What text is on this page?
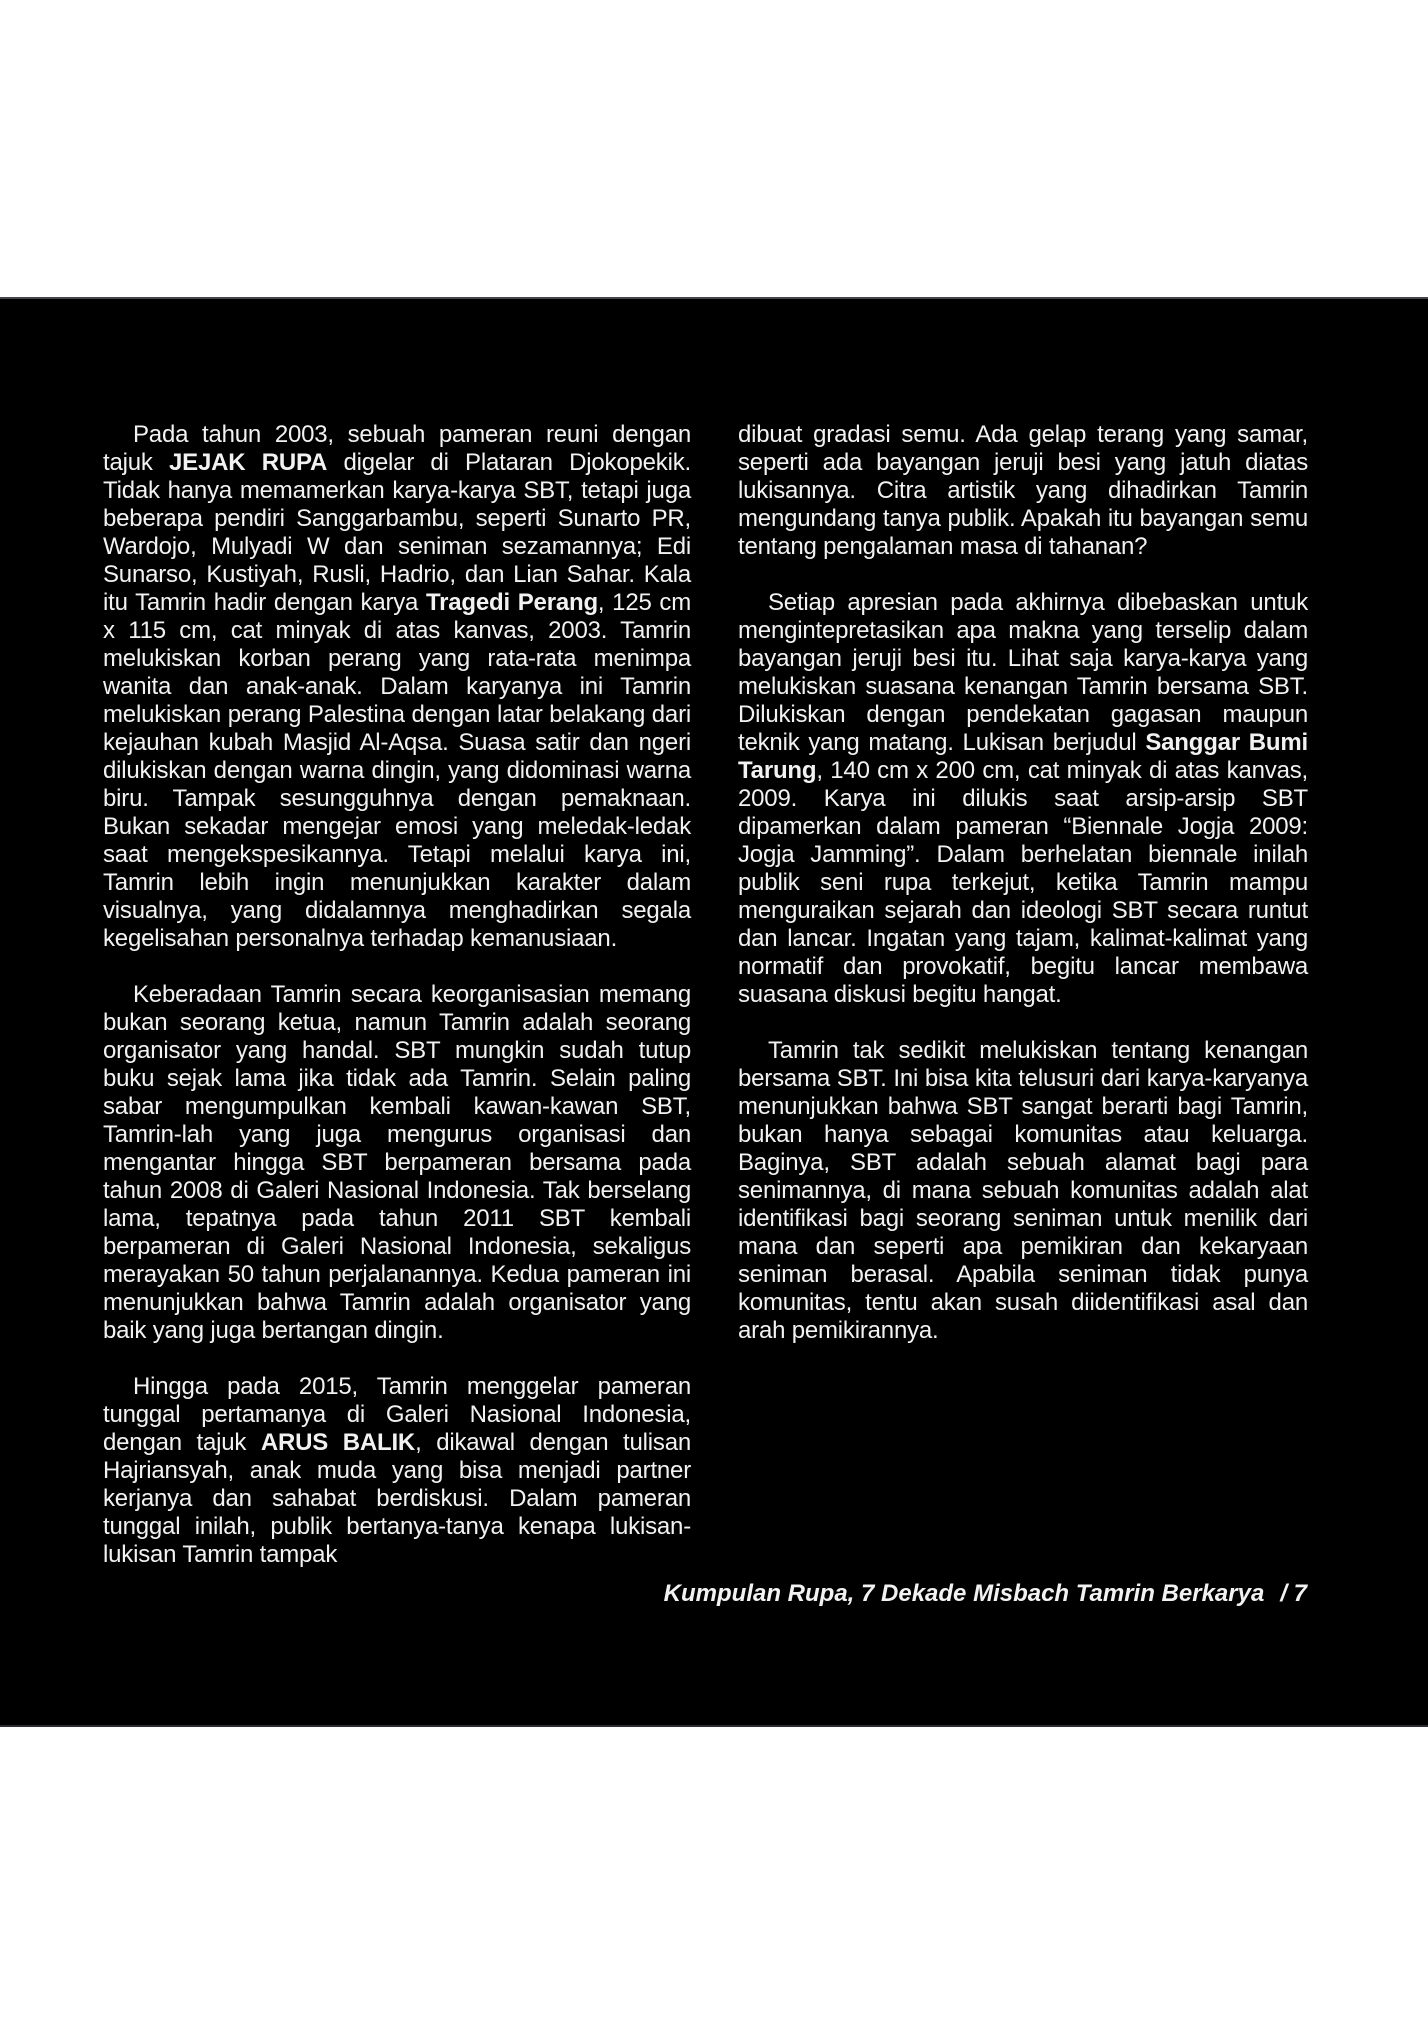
Pada tahun 2003, sebuah pameran reuni dengan tajuk JEJAK RUPA digelar di Plataran Djokopekik. Tidak hanya memamerkan karya-karya SBT, tetapi juga beberapa pendiri Sanggarbambu, seperti Sunarto PR, Wardojo, Mulyadi W dan seniman sezamannya; Edi Sunarso, Kustiyah, Rusli, Hadrio, dan Lian Sahar. Kala itu Tamrin hadir dengan karya Tragedi Perang, 125 cm x 115 cm, cat minyak di atas kanvas, 2003. Tamrin melukiskan korban perang yang rata-rata menimpa wanita dan anak-anak. Dalam karyanya ini Tamrin melukiskan perang Palestina dengan latar belakang dari kejauhan kubah Masjid Al-Aqsa. Suasa satir dan ngeri dilukiskan dengan warna dingin, yang didominasi warna biru. Tampak sesungguhnya dengan pemaknaan. Bukan sekadar mengejar emosi yang meledak-ledak saat mengekspesikannya. Tetapi melalui karya ini, Tamrin lebih ingin menunjukkan karakter dalam visualnya, yang didalamnya menghadirkan segala kegelisahan personalnya terhadap kemanusiaan.

Keberadaan Tamrin secara keorganisasian memang bukan seorang ketua, namun Tamrin adalah seorang organisator yang handal. SBT mungkin sudah tutup buku sejak lama jika tidak ada Tamrin. Selain paling sabar mengumpulkan kembali kawan-kawan SBT, Tamrin-lah yang juga mengurus organisasi dan mengantar hingga SBT berpameran bersama pada tahun 2008 di Galeri Nasional Indonesia. Tak berselang lama, tepatnya pada tahun 2011 SBT kembali berpameran di Galeri Nasional Indonesia, sekaligus merayakan 50 tahun perjalanannya. Kedua pameran ini menunjukkan bahwa Tamrin adalah organisator yang baik yang juga bertangan dingin.

Hingga pada 2015, Tamrin menggelar pameran tunggal pertamanya di Galeri Nasional Indonesia, dengan tajuk ARUS BALIK, dikawal dengan tulisan Hajriansyah, anak muda yang bisa menjadi partner kerjanya dan sahabat berdiskusi. Dalam pameran tunggal inilah, publik bertanya-tanya kenapa lukisan-lukisan Tamrin tampak

dibuat gradasi semu. Ada gelap terang yang samar, seperti ada bayangan jeruji besi yang jatuh diatas lukisannya. Citra artistik yang dihadirkan Tamrin mengundang tanya publik. Apakah itu bayangan semu tentang pengalaman masa di tahanan?

Setiap apresian pada akhirnya dibebaskan untuk mengintepretasikan apa makna yang terselip dalam bayangan jeruji besi itu. Lihat saja karya-karya yang melukiskan suasana kenangan Tamrin bersama SBT. Dilukiskan dengan pendekatan gagasan maupun teknik yang matang. Lukisan berjudul Sanggar Bumi Tarung, 140 cm x 200 cm, cat minyak di atas kanvas, 2009. Karya ini dilukis saat arsip-arsip SBT dipamerkan dalam pameran “Biennale Jogja 2009: Jogja Jamming”. Dalam berhelatan biennale inilah publik seni rupa terkejut, ketika Tamrin mampu menguraikan sejarah dan ideologi SBT secara runtut dan lancar. Ingatan yang tajam, kalimat-kalimat yang normatif dan provokatif, begitu lancar membawa suasana diskusi begitu hangat.

Tamrin tak sedikit melukiskan tentang kenangan bersama SBT. Ini bisa kita telusuri dari karya-karyanya menunjukkan bahwa SBT sangat berarti bagi Tamrin, bukan hanya sebagai komunitas atau keluarga. Baginya, SBT adalah sebuah alamat bagi para senimannya, di mana sebuah komunitas adalah alat identifikasi bagi seorang seniman untuk menilik dari mana dan seperti apa pemikiran dan kekaryaan seniman berasal. Apabila seniman tidak punya komunitas, tentu akan susah diidentifikasi asal dan arah pemikirannya.

Kumpulan Rupa, 7 Dekade Misbach Tamrin Berkarya / 7
